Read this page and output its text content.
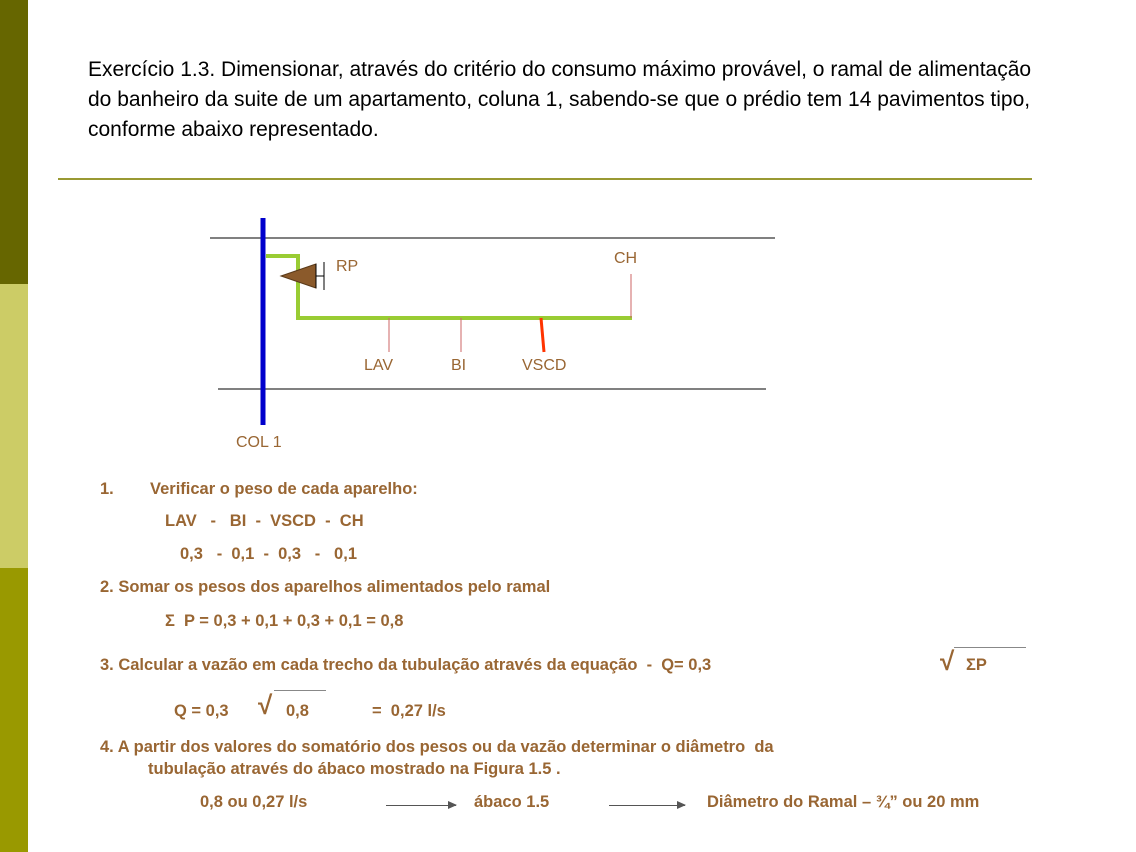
Exercício 1.3. Dimensionar, através do critério do consumo máximo provável, o ramal de alimentação do banheiro da suite de um apartamento, coluna 1, sabendo-se que o prédio tem 14 pavimentos tipo, conforme abaixo representado.

RP	CH
LAV	BI	VSCD
COL 1
1. Verificar o peso de cada aparelho:
LAV   -   BI  -  VSCD  -  CH
0,3   -  0,1  -  0,3   -   0,1
2. Somar os pesos dos aparelhos alimentados pelo ramal
Σ P = 0,3 + 0,1 + 0,3 + 0,1 = 0,8
3. Calcular a vazão em cada trecho da tubulação através da equação  -  Q= 0,3	√ ΣP
Q = 0,3 √ 0,8	=  0,27 l/s
4. A partir dos valores do somatório dos pesos ou da vazão determinar o diâmetro  da
tubulação através do ábaco mostrado na Figura 1.5 .
0,8 ou 0,27 l/s	ábaco 1.5	Diâmetro do Ramal – ¾” ou 20 mm
